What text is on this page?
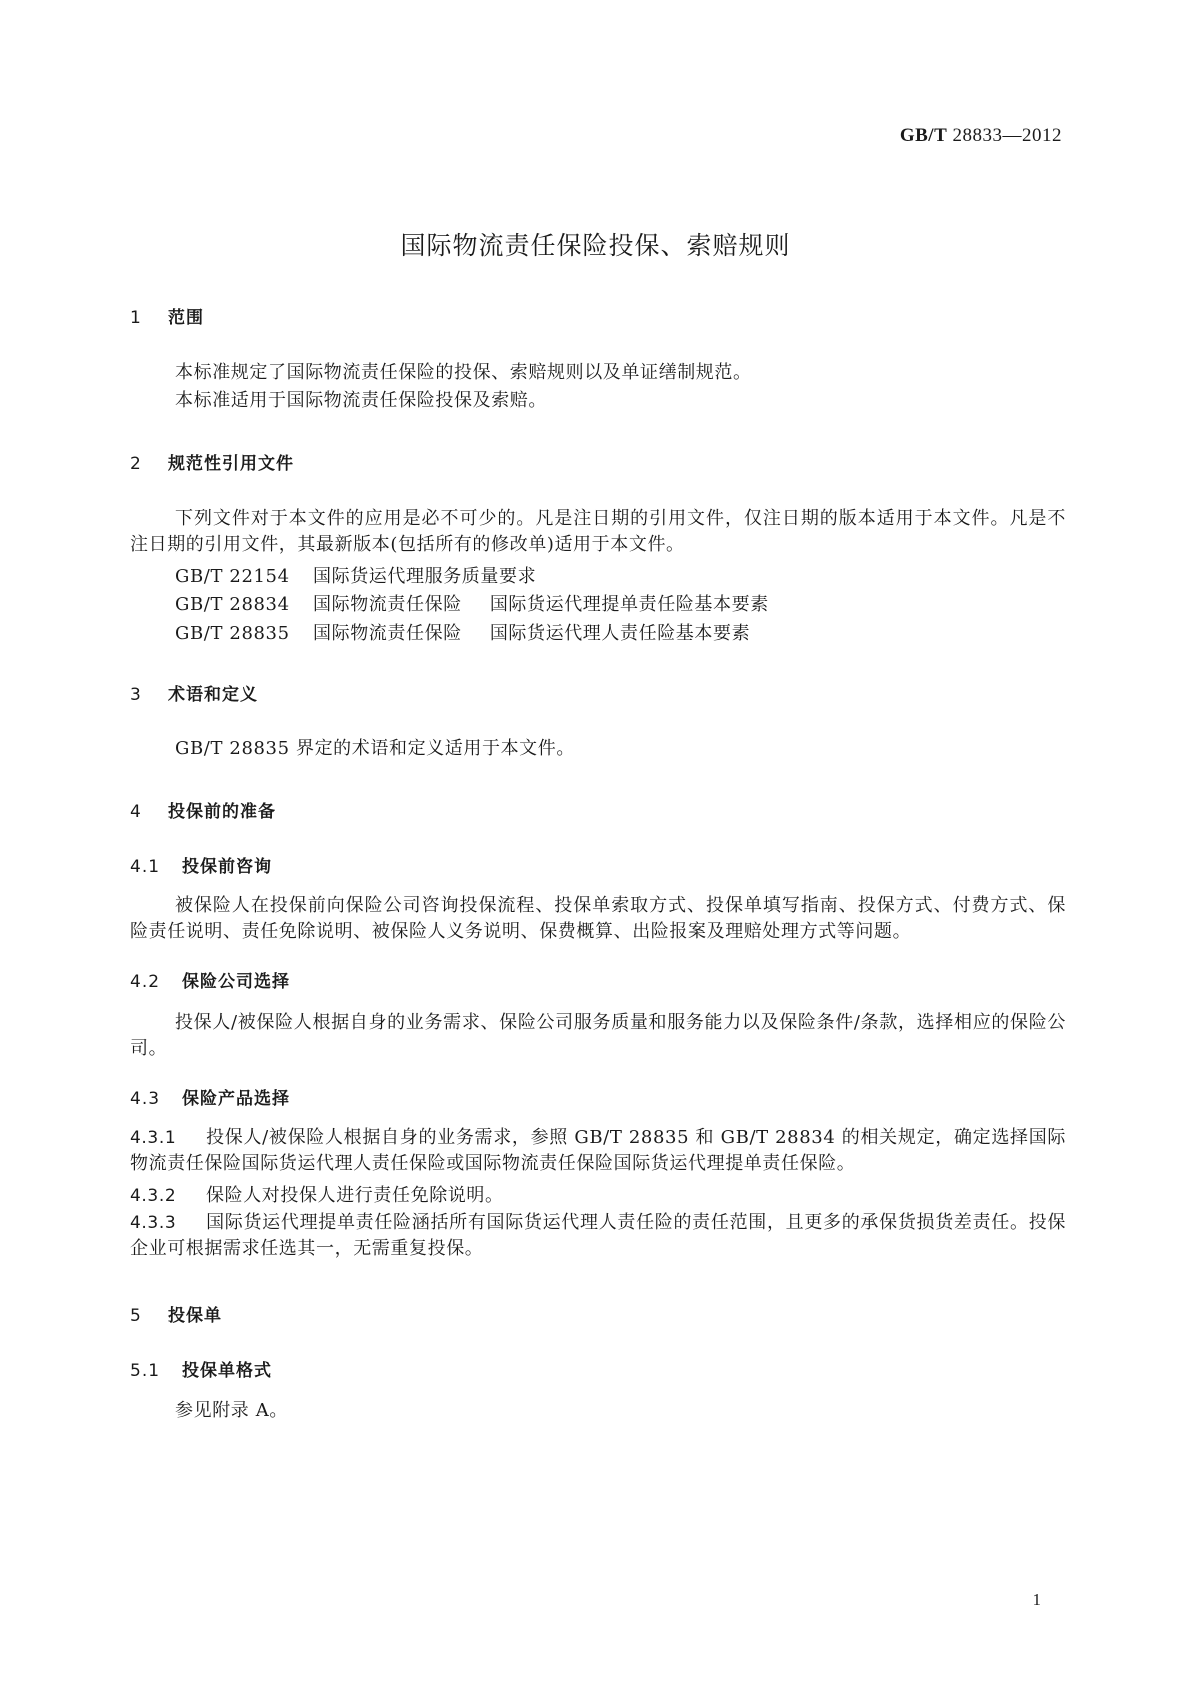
GB/T 28833—2012
国际物流责任保险投保、索赔规则
1 范围
本标准规定了国际物流责任保险的投保、索赔规则以及单证缮制规范。
本标准适用于国际物流责任保险投保及索赔。
2 规范性引用文件
下列文件对于本文件的应用是必不可少的。凡是注日期的引用文件，仅注日期的版本适用于本文件。凡是不注日期的引用文件，其最新版本(包括所有的修改单)适用于本文件。
GB/T 22154 国际货运代理服务质量要求
GB/T 28834 国际物流责任保险 国际货运代理提单责任险基本要素
GB/T 28835 国际物流责任保险 国际货运代理人责任险基本要素
3 术语和定义
GB/T 28835 界定的术语和定义适用于本文件。
4 投保前的准备
4.1 投保前咨询
被保险人在投保前向保险公司咨询投保流程、投保单索取方式、投保单填写指南、投保方式、付费方式、保险责任说明、责任免除说明、被保险人义务说明、保费概算、出险报案及理赔处理方式等问题。
4.2 保险公司选择
投保人/被保险人根据自身的业务需求、保险公司服务质量和服务能力以及保险条件/条款，选择相应的保险公司。
4.3 保险产品选择
4.3.1 投保人/被保险人根据自身的业务需求，参照 GB/T 28835 和 GB/T 28834 的相关规定，确定选择国际物流责任保险国际货运代理人责任保险或国际物流责任保险国际货运代理提单责任保险。
4.3.2 保险人对投保人进行责任免除说明。
4.3.3 国际货运代理提单责任险涵括所有国际货运代理人责任险的责任范围，且更多的承保货损货差责任。投保企业可根据需求任选其一，无需重复投保。
5 投保单
5.1 投保单格式
参见附录 A。
1
